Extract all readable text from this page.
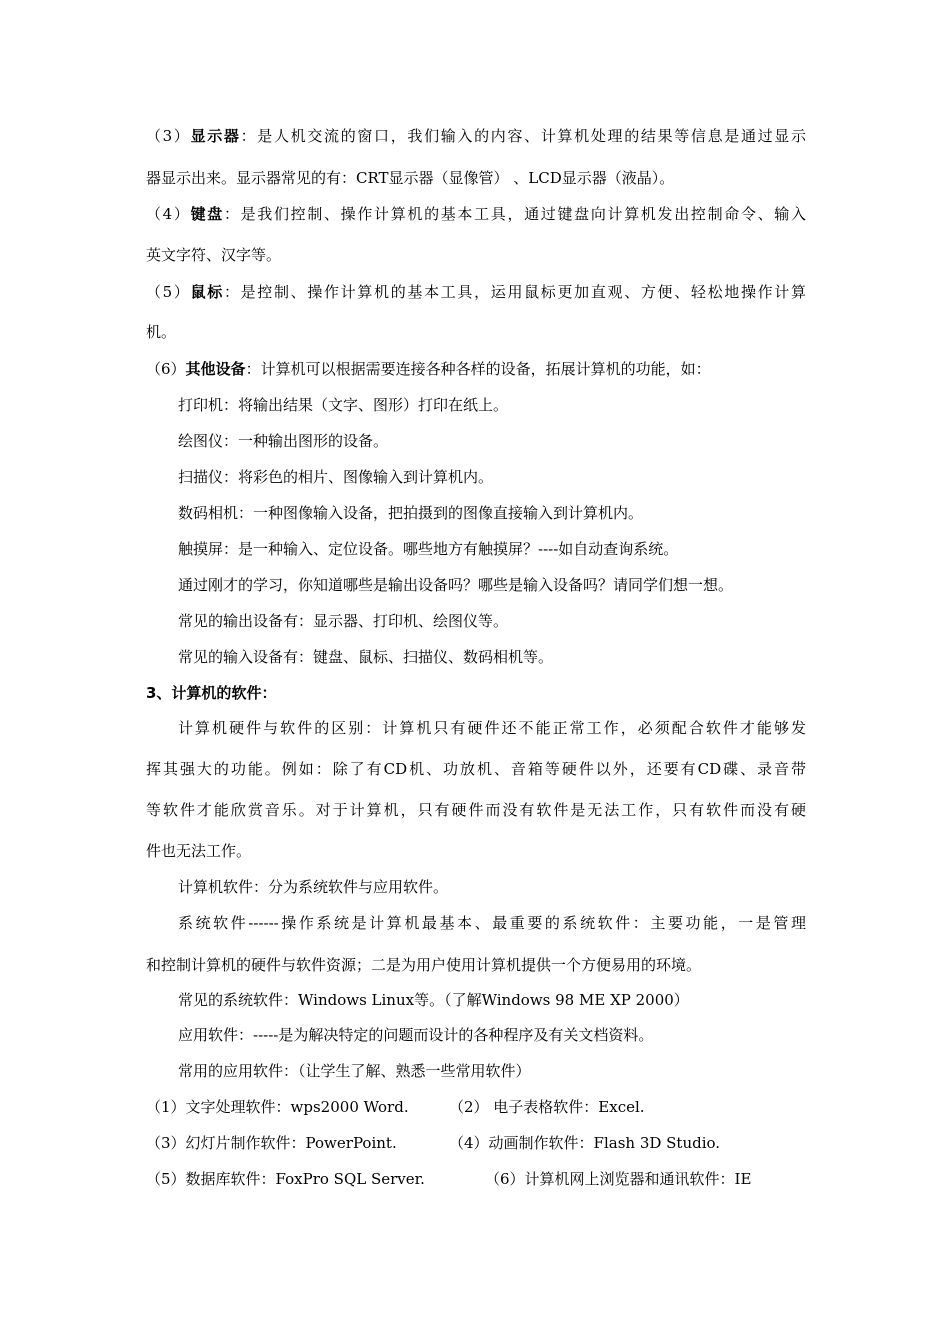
（3）显示器：是人机交流的窗口，我们输入的内容、计算机处理的结果等信息是通过显示
器显示出来。显示器常见的有：CRT显示器（显像管） 、LCD显示器（液晶）。
（4）键盘：是我们控制、操作计算机的基本工具，通过键盘向计算机发出控制命令、输入
英文字符、汉字等。
（5）鼠标：是控制、操作计算机的基本工具，运用鼠标更加直观、方便、轻松地操作计算
机。
（6）其他设备：计算机可以根据需要连接各种各样的设备，拓展计算机的功能，如：
打印机：将输出结果（文字、图形）打印在纸上。
绘图仪：一种输出图形的设备。
扫描仪：将彩色的相片、图像输入到计算机内。
数码相机：一种图像输入设备，把拍摄到的图像直接输入到计算机内。
触摸屏：是一种输入、定位设备。哪些地方有触摸屏？----如自动查询系统。
通过刚才的学习，你知道哪些是输出设备吗？哪些是输入设备吗？请同学们想一想。
常见的输出设备有：显示器、打印机、绘图仪等。
常见的输入设备有：键盘、鼠标、扫描仪、数码相机等。
3、计算机的软件：
计算机硬件与软件的区别：计算机只有硬件还不能正常工作，必须配合软件才能够发
挥其强大的功能。例如：除了有CD机、功放机、音箱等硬件以外，还要有CD碟、录音带
等软件才能欣赏音乐。对于计算机，只有硬件而没有软件是无法工作，只有软件而没有硬
件也无法工作。
计算机软件：分为系统软件与应用软件。
系统软件------操作系统是计算机最基本、最重要的系统软件：主要功能，一是管理
和控制计算机的硬件与软件资源；二是为用户使用计算机提供一个方便易用的环境。
常见的系统软件：Windows Linux等。（了解Windows 98 ME XP 2000）
应用软件：-----是为解决特定的问题而设计的各种程序及有关文档资料。
常用的应用软件：（让学生了解、熟悉一些常用软件）
（1）文字处理软件：wps2000 Word.	（2） 电子表格软件：Excel.
（3）幻灯片制作软件：PowerPoint.	（4）动画制作软件：Flash 3D Studio.
（5）数据库软件：FoxPro SQL Server.	（6）计算机网上浏览器和通讯软件：IE
